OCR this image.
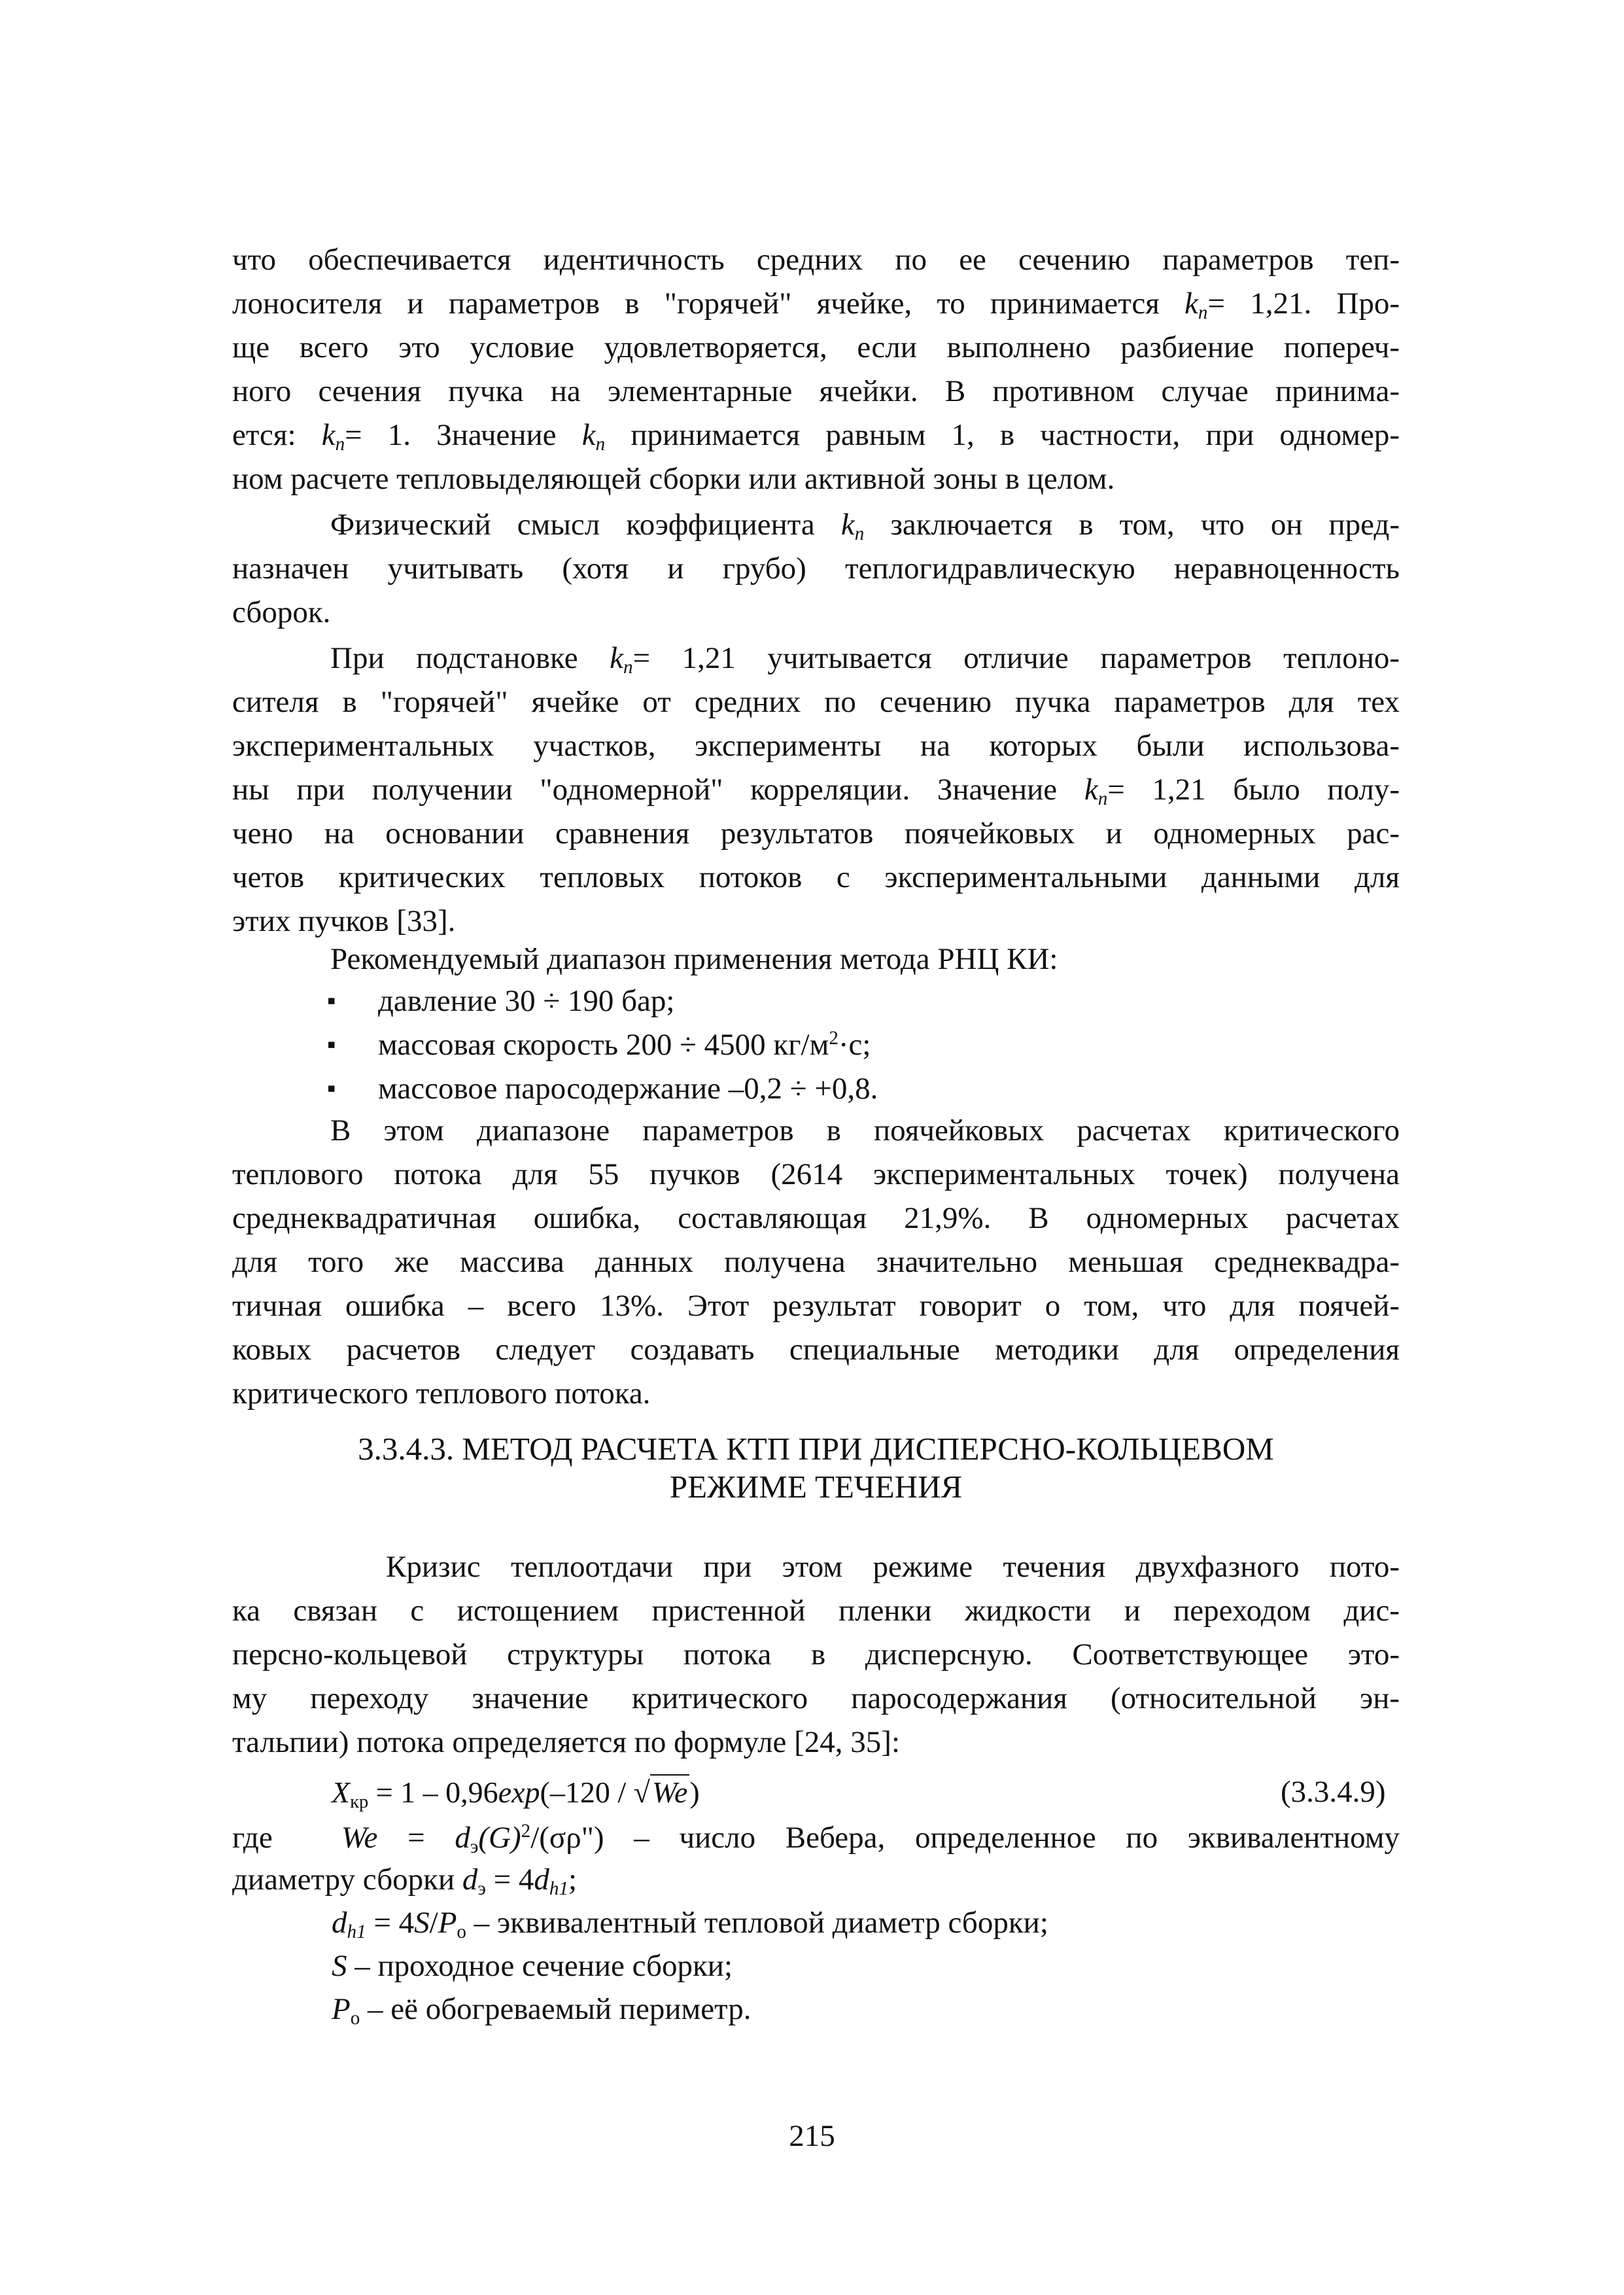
что обеспечивается идентичность средних по ее сечению параметров теп-
лоносителя и параметров в "горячей" ячейке, то принимается $k_п= 1,21$. Про-
ще всего это условие удовлетворяется, если выполнено разбиение попереч-
ного сечения пучка на элементарные ячейки. В противном случае принима-
ется: $k_п= 1$. Значение $k_п$ принимается равным 1, в частности, при одномер-
ном расчете тепловыделяющей сборки или активной зоны в целом.
Физический смысл коэффициента $k_п$ заключается в том, что он пред-
назначен учитывать (хотя и грубо) теплогидравлическую неравноценность
сборок.
При подстановке $k_п= 1,21$ учитывается отличие параметров теплоно-
сителя в "горячей" ячейке от средних по сечению пучка параметров для тех
экспериментальных участков, эксперименты на которых были использова-
ны при получении "одномерной" корреляции. Значение $k_п= 1,21$ было полу-
чено на основании сравнения результатов поячейковых и одномерных рас-
четов критических тепловых потоков с экспериментальными данными для
этих пучков [33].
Рекомендуемый диапазон применения метода РНЦ КИ:
▪ давление 30 ÷ 190 бар;
▪ массовая скорость 200 ÷ 4500 $кг/м^2\cdot с$;
▪ массовое паросодержание –0,2 ÷ +0,8.
В этом диапазоне параметров в поячейковых расчетах критического
теплового потока для 55 пучков (2614 экспериментальных точек) получена
среднеквадратичная ошибка, составляющая 21,9%. В одномерных расчетах
для того же массива данных получена значительно меньшая среднеквадра-
тичная ошибка – всего 13%. Этот результат говорит о том, что для поячей-
ковых расчетов следует создавать специальные методики для определения
критического теплового потока.
3.3.4.3. МЕТОД РАСЧЕТА КТП ПРИ ДИСПЕРСНО-КОЛЬЦЕВОМ
РЕЖИМЕ ТЕЧЕНИЯ
Кризис теплоотдачи при этом режиме течения двухфазного пото-
ка связан с истощением пристенной пленки жидкости и переходом дис-
персно-кольцевой структуры потока в дисперсную. Соответствующее это-
му переходу значение критического паросодержания (относительной эн-
тальпии) потока определяется по формуле [24, 35]:
$X_{кр} = 1 - 0,96\exp(-120 / √We)$	(3.3.4.9)
где $We = d_э(G)^2/(\sigma\rho")$ – число Вебера, определенное по эквивалентному
диаметру сборки $d_э = 4d_{h1}$;
$d_{h1} = 4S/P_о$ – эквивалентный тепловой диаметр сборки;
S – проходное сечение сборки;
$P_о$ – её обогреваемый периметр.
215
